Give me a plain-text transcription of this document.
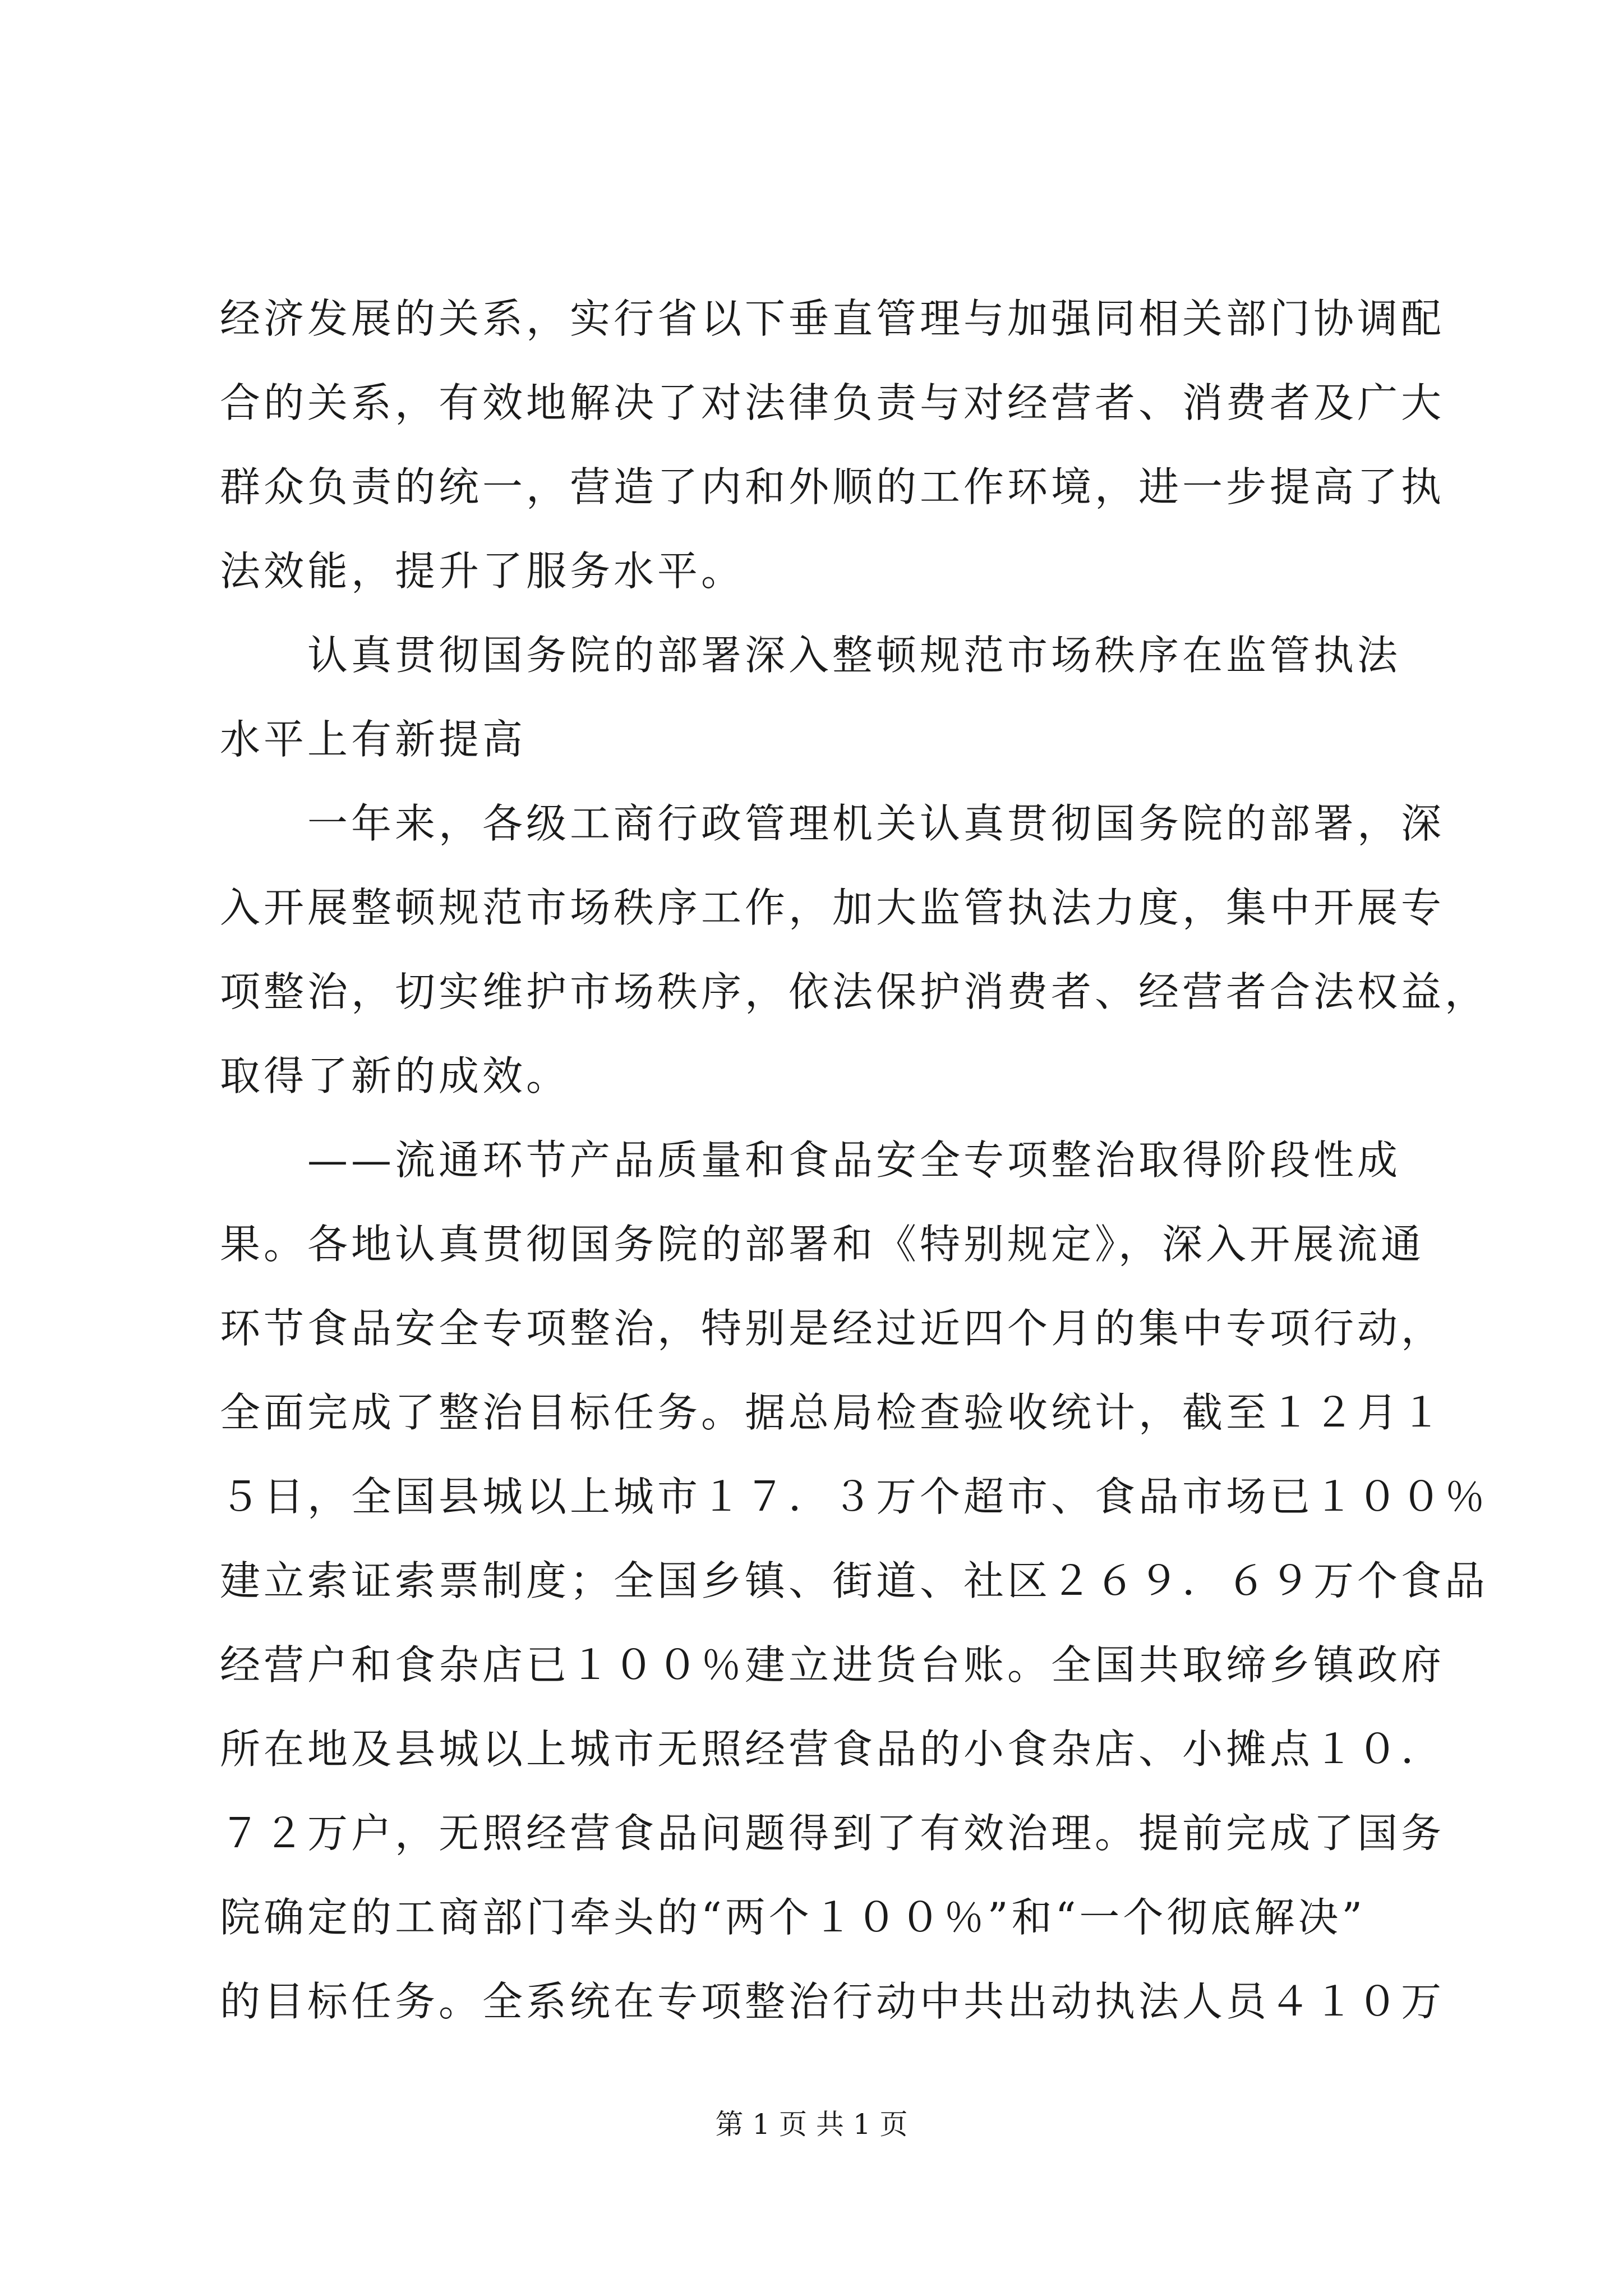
经济发展的关系，实行省以下垂直管理与加强同相关部门协调配
合的关系，有效地解决了对法律负责与对经营者、消费者及广大
群众负责的统一，营造了内和外顺的工作环境，进一步提高了执
法效能，提升了服务水平。
　　认真贯彻国务院的部署深入整顿规范市场秩序在监管执法
水平上有新提高
　　一年来，各级工商行政管理机关认真贯彻国务院的部署，深
入开展整顿规范市场秩序工作，加大监管执法力度，集中开展专
项整治，切实维护市场秩序，依法保护消费者、经营者合法权益，
取得了新的成效。
　　——流通环节产品质量和食品安全专项整治取得阶段性成
果。各地认真贯彻国务院的部署和《特别规定》，深入开展流通
环节食品安全专项整治，特别是经过近四个月的集中专项行动，
全面完成了整治目标任务。据总局检查验收统计，截至１２月１
５日，全国县城以上城市１７．３万个超市、食品市场已１００％
建立索证索票制度；全国乡镇、街道、社区２６９．６９万个食品
经营户和食杂店已１００％建立进货台账。全国共取缔乡镇政府
所在地及县城以上城市无照经营食品的小食杂店、小摊点１０．
７２万户，无照经营食品问题得到了有效治理。提前完成了国务
院确定的工商部门牵头的“两个１００％”和“一个彻底解决”
的目标任务。全系统在专项整治行动中共出动执法人员４１０万
第 1 页 共 1 页
